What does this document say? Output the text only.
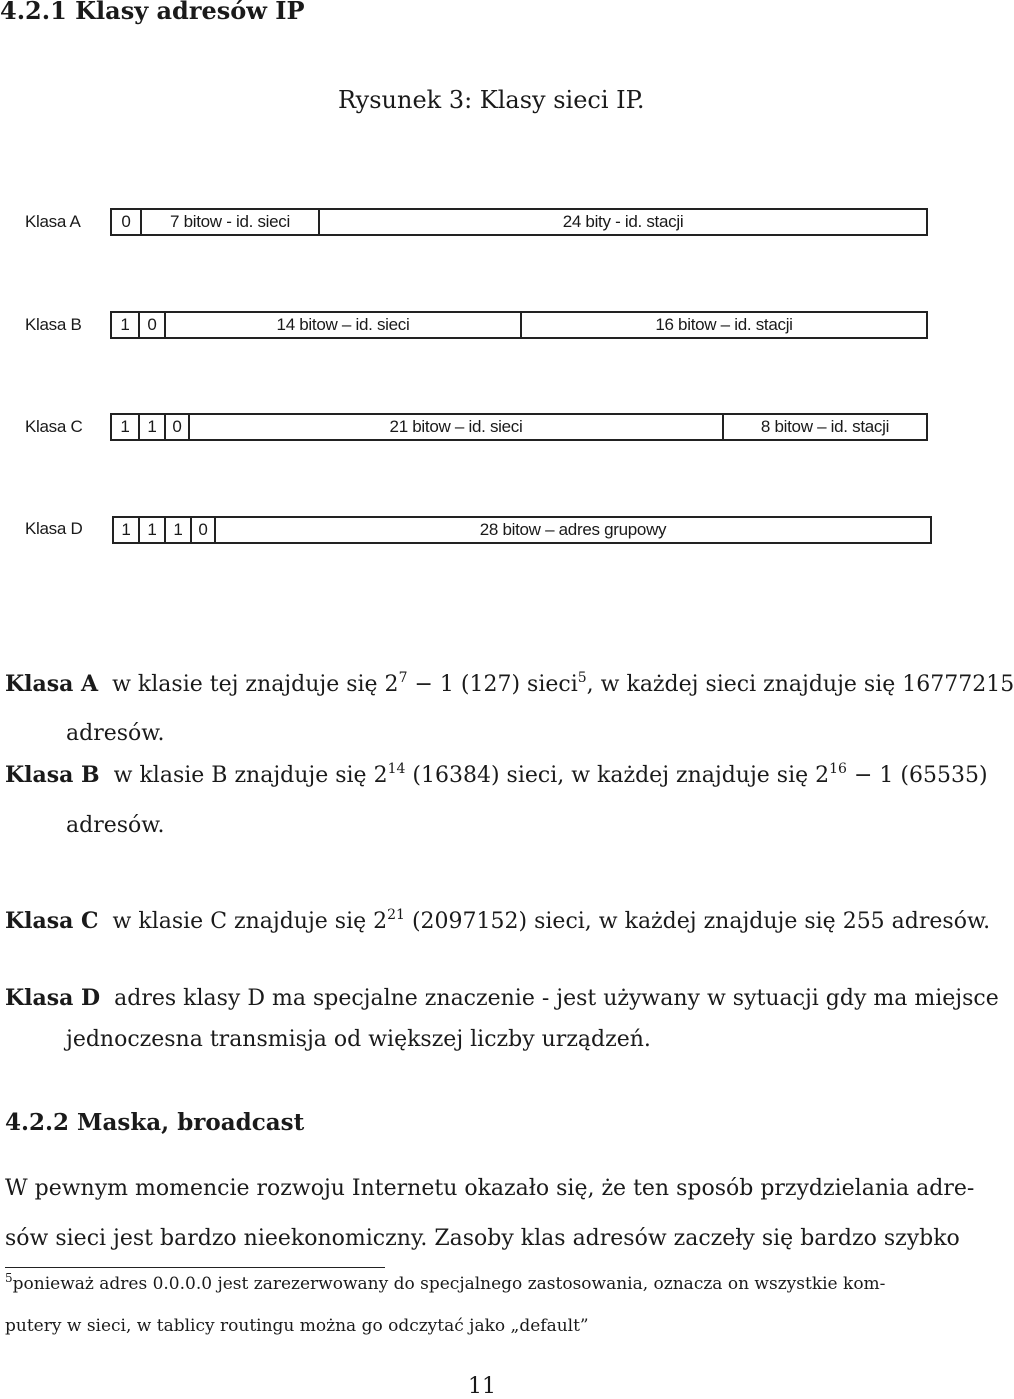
4.2.1 Klasy adresów IP
Rysunek 3: Klasy sieci IP.
Klasa A	0	7 bitow - id. sieci	24 bity - id. stacji
Klasa B	1	0	14 bitow – id. sieci	16 bitow – id. stacji
Klasa C	1	1 0	21 bitow – id. sieci	8 bitow – id. stacji
Klasa D	1 1 1 0	28 bitow – adres grupowy
Klasa A w klasie tej znajduje się $2^7 - 1$ (127) sieci$^5$, w każdej sieci znajduje się 16777215
adresów.
Klasa B w klasie B znajduje się $2^{14}$ (16384) sieci, w każdej znajduje się $2^{16} - 1$ (65535)
adresów.
Klasa C w klasie C znajduje się $2^{21}$ (2097152) sieci, w każdej znajduje się 255 adresów.
Klasa D adres klasy D ma specjalne znaczenie - jest używany w sytuacji gdy ma miejsce
jednoczesna transmisja od większej liczby urządzeń.
4.2.2 Maska, broadcast
W pewnym momencie rozwoju Internetu okazało się, że ten sposób przydzielania adre-
sów sieci jest bardzo nieekonomiczny. Zasoby klas adresów zaczeły się bardzo szybko
$^5$ponieważ adres 0.0.0.0 jest zarezerwowany do specjalnego zastosowania, oznacza on wszystkie kom-
putery w sieci, w tablicy routingu można go odczytać jako „default”
11
